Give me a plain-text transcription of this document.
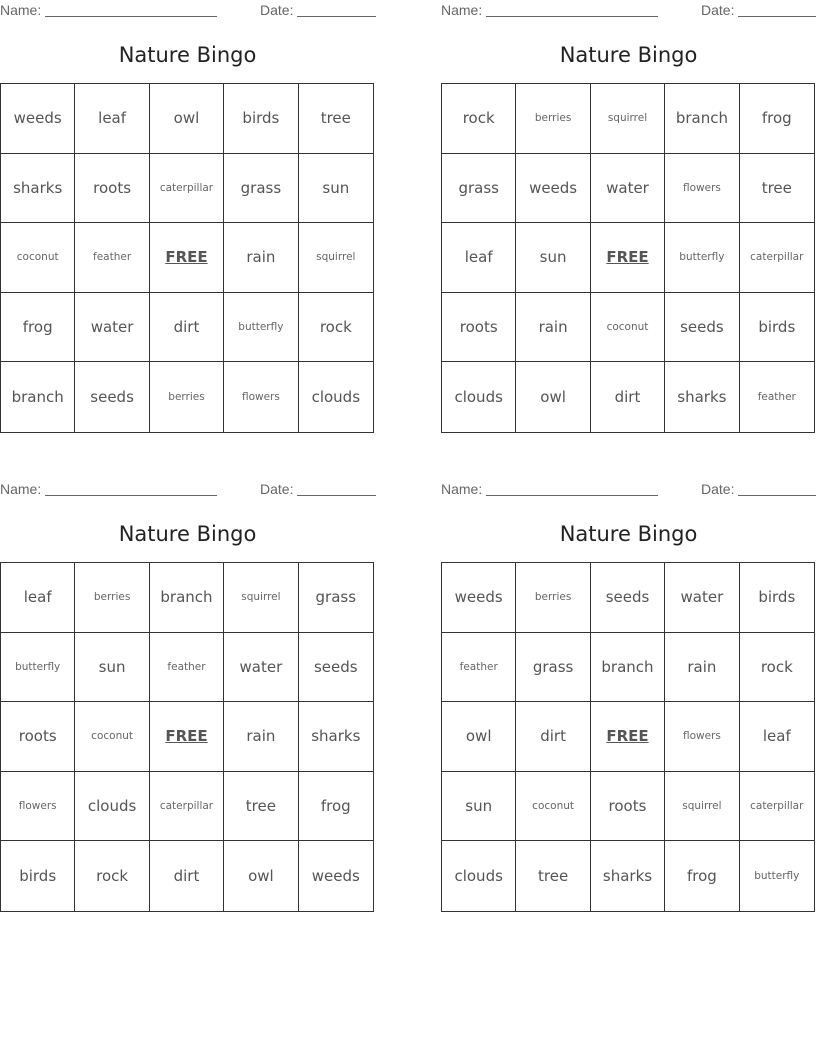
Name:	Date:
Nature Bingo
weeds	leaf	owl	birds	tree
sharks	roots	caterpillar	grass	sun
coconut	feather	FREE	rain	squirrel
frog	water	dirt	butterfly	rock
branch	seeds	berries	flowers	clouds
Name:	Date:
Nature Bingo
rock	berries	squirrel	branch	frog
grass	weeds	water	flowers	tree
leaf	sun	FREE	butterfly	caterpillar
roots	rain	coconut	seeds	birds
clouds	owl	dirt	sharks	feather
Name:	Date:
Nature Bingo
leaf	berries	branch	squirrel	grass
butterfly	sun	feather	water	seeds
roots	coconut	FREE	rain	sharks
flowers	clouds	caterpillar	tree	frog
birds	rock	dirt	owl	weeds
Name:	Date:
Nature Bingo
weeds	berries	seeds	water	birds
feather	grass	branch	rain	rock
owl	dirt	FREE	flowers	leaf
sun	coconut	roots	squirrel	caterpillar
clouds	tree	sharks	frog	butterfly
